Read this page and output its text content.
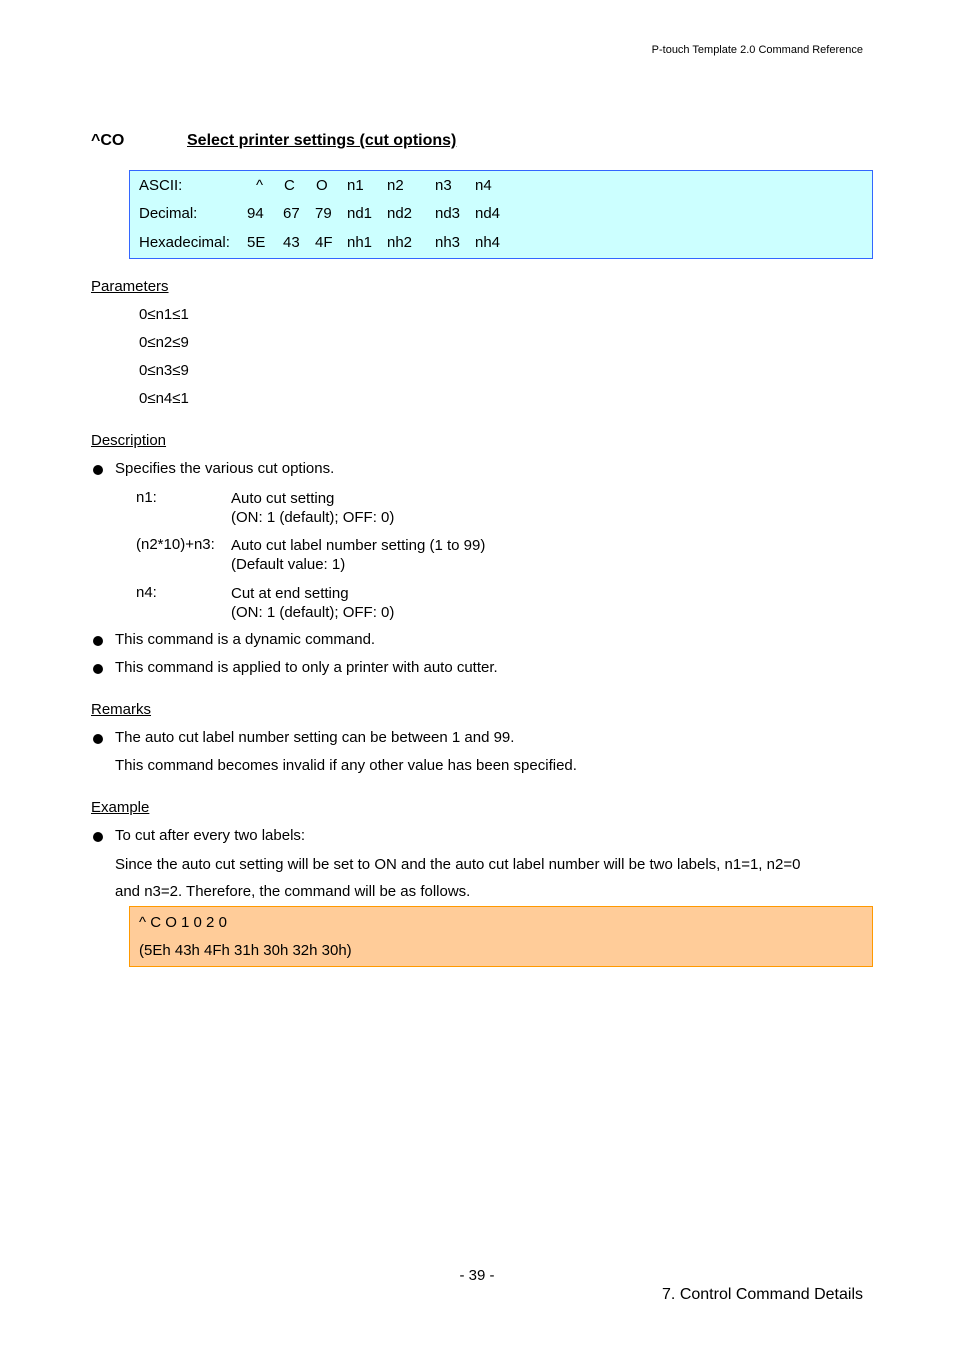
P-touch Template 2.0 Command Reference
^CO	Select printer settings (cut options)
ASCII:	^ C O n1 n2 n3 n4
Decimal:	94 67 79 nd1 nd2 nd3 nd4
Hexadecimal: 5E 43 4F nh1 nh2 nh3 nh4
Parameters
0≤n1≤1
0≤n2≤9
0≤n3≤9
0≤n4≤1
Description
Specifies the various cut options.
n1:	Auto cut setting
(ON: 1 (default); OFF: 0)
(n2*10)+n3: Auto cut label number setting (1 to 99)
(Default value: 1)
n4:	Cut at end setting
(ON: 1 (default); OFF: 0)
This command is a dynamic command.
This command is applied to only a printer with auto cutter.
Remarks
The auto cut label number setting can be between 1 and 99.
This command becomes invalid if any other value has been specified.
Example
To cut after every two labels:
Since the auto cut setting will be set to ON and the auto cut label number will be two labels, n1=1, n2=0
and n3=2. Therefore, the command will be as follows.
^ C O 1 0 2 0
(5Eh 43h 4Fh 31h 30h 32h 30h)
- 39 -
7. Control Command Details
